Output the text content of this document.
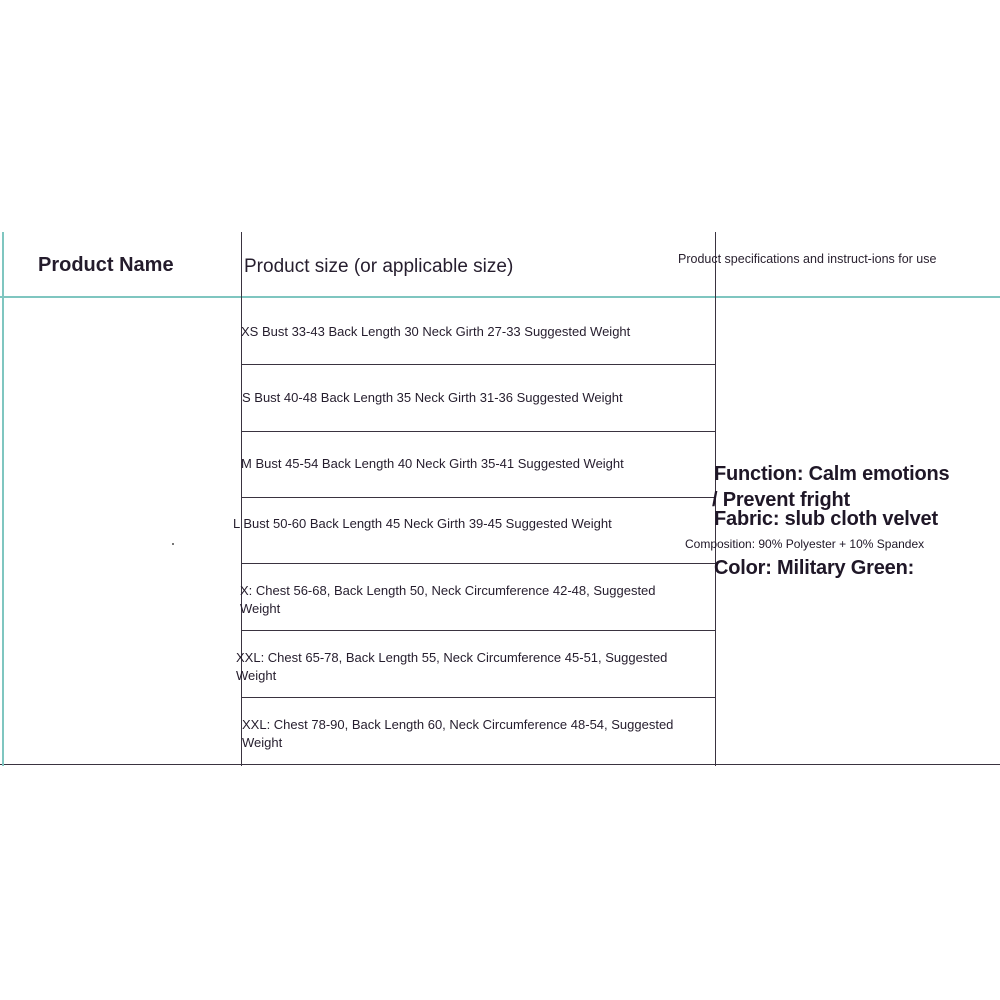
Product Name	Product size (or applicable size)	Product specifications and instruct-ions for use
XS Bust 33-43 Back Length 30 Neck Girth 27-33 Suggested Weight
S Bust 40-48 Back Length 35 Neck Girth 31-36 Suggested Weight
M Bust 45-54 Back Length 40 Neck Girth 35-41 Suggested Weight
L Bust 50-60 Back Length 45 Neck Girth 39-45 Suggested Weight
X: Chest 56-68, Back Length 50, Neck Circumference 42-48, Suggested Weight
XXL: Chest 65-78, Back Length 55, Neck Circumference 45-51, Suggested Weight
XXL: Chest 78-90, Back Length 60, Neck Circumference 48-54, Suggested Weight
Function: Calm emotions
/ Prevent fright
Fabric: slub cloth velvet
Composition: 90% Polyester + 10% Spandex
Color: Military Green:
